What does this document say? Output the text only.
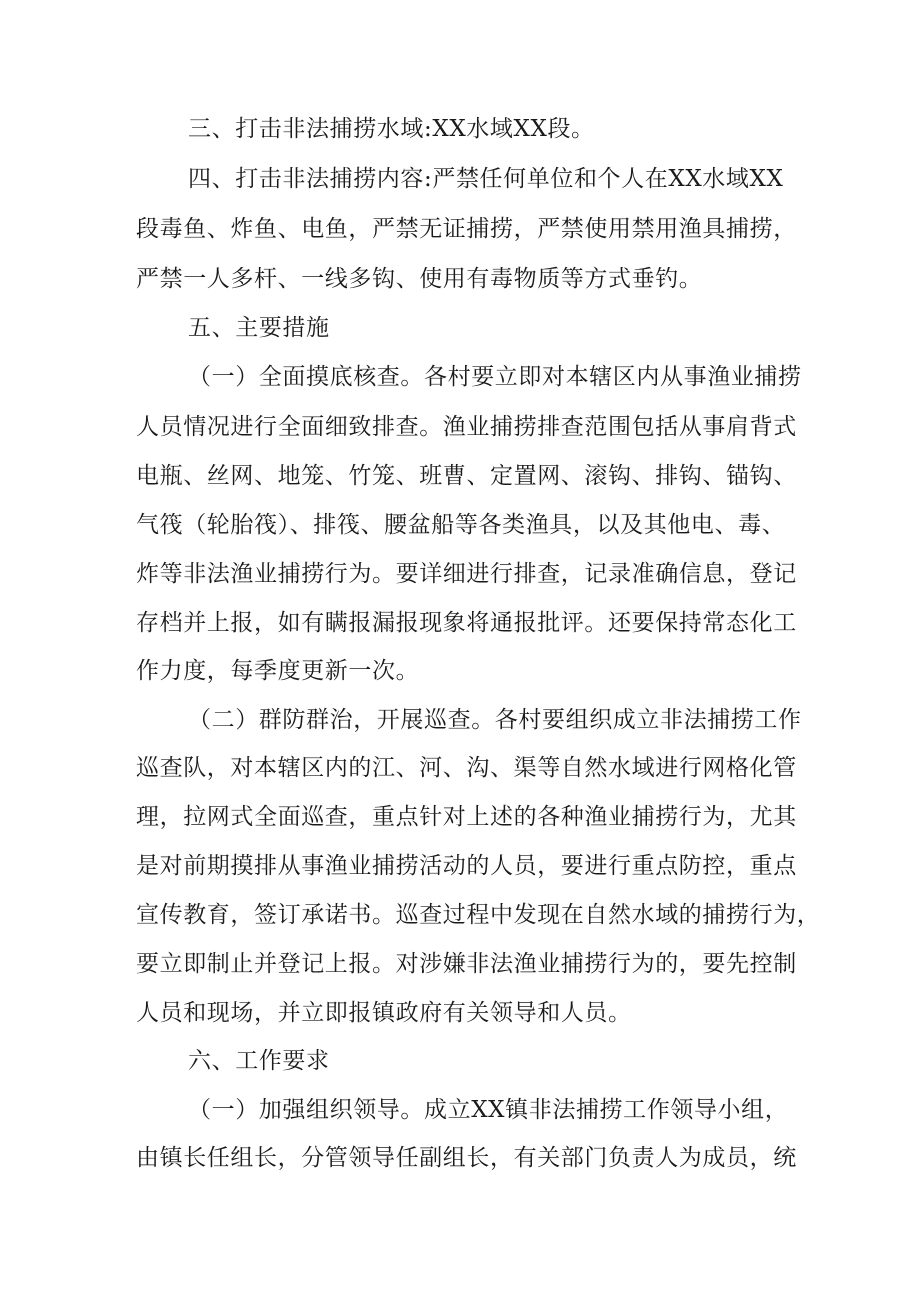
三、打击非法捕捞水域:XX水域XX段。
四、打击非法捕捞内容:严禁任何单位和个人在XX水域XX
段毒鱼、炸鱼、电鱼，严禁无证捕捞，严禁使用禁用渔具捕捞，
严禁一人多杆、一线多钩、使用有毒物质等方式垂钓。
五、主要措施
（一）全面摸底核查。各村要立即对本辖区内从事渔业捕捞
人员情况进行全面细致排查。渔业捕捞排查范围包括从事肩背式
电瓶、丝网、地笼、竹笼、班曹、定置网、滚钩、排钩、锚钩、
气筏（轮胎筏）、排筏、腰盆船等各类渔具，以及其他电、毒、
炸等非法渔业捕捞行为。要详细进行排查，记录准确信息，登记
存档并上报，如有瞒报漏报现象将通报批评。还要保持常态化工
作力度，每季度更新一次。
（二）群防群治，开展巡查。各村要组织成立非法捕捞工作
巡查队，对本辖区内的江、河、沟、渠等自然水域进行网格化管
理，拉网式全面巡查，重点针对上述的各种渔业捕捞行为，尤其
是对前期摸排从事渔业捕捞活动的人员，要进行重点防控，重点
宣传教育，签订承诺书。巡查过程中发现在自然水域的捕捞行为，
要立即制止并登记上报。对涉嫌非法渔业捕捞行为的，要先控制
人员和现场，并立即报镇政府有关领导和人员。
六、工作要求
（一）加强组织领导。成立XX镇非法捕捞工作领导小组，
由镇长任组长，分管领导任副组长，有关部门负责人为成员，统
